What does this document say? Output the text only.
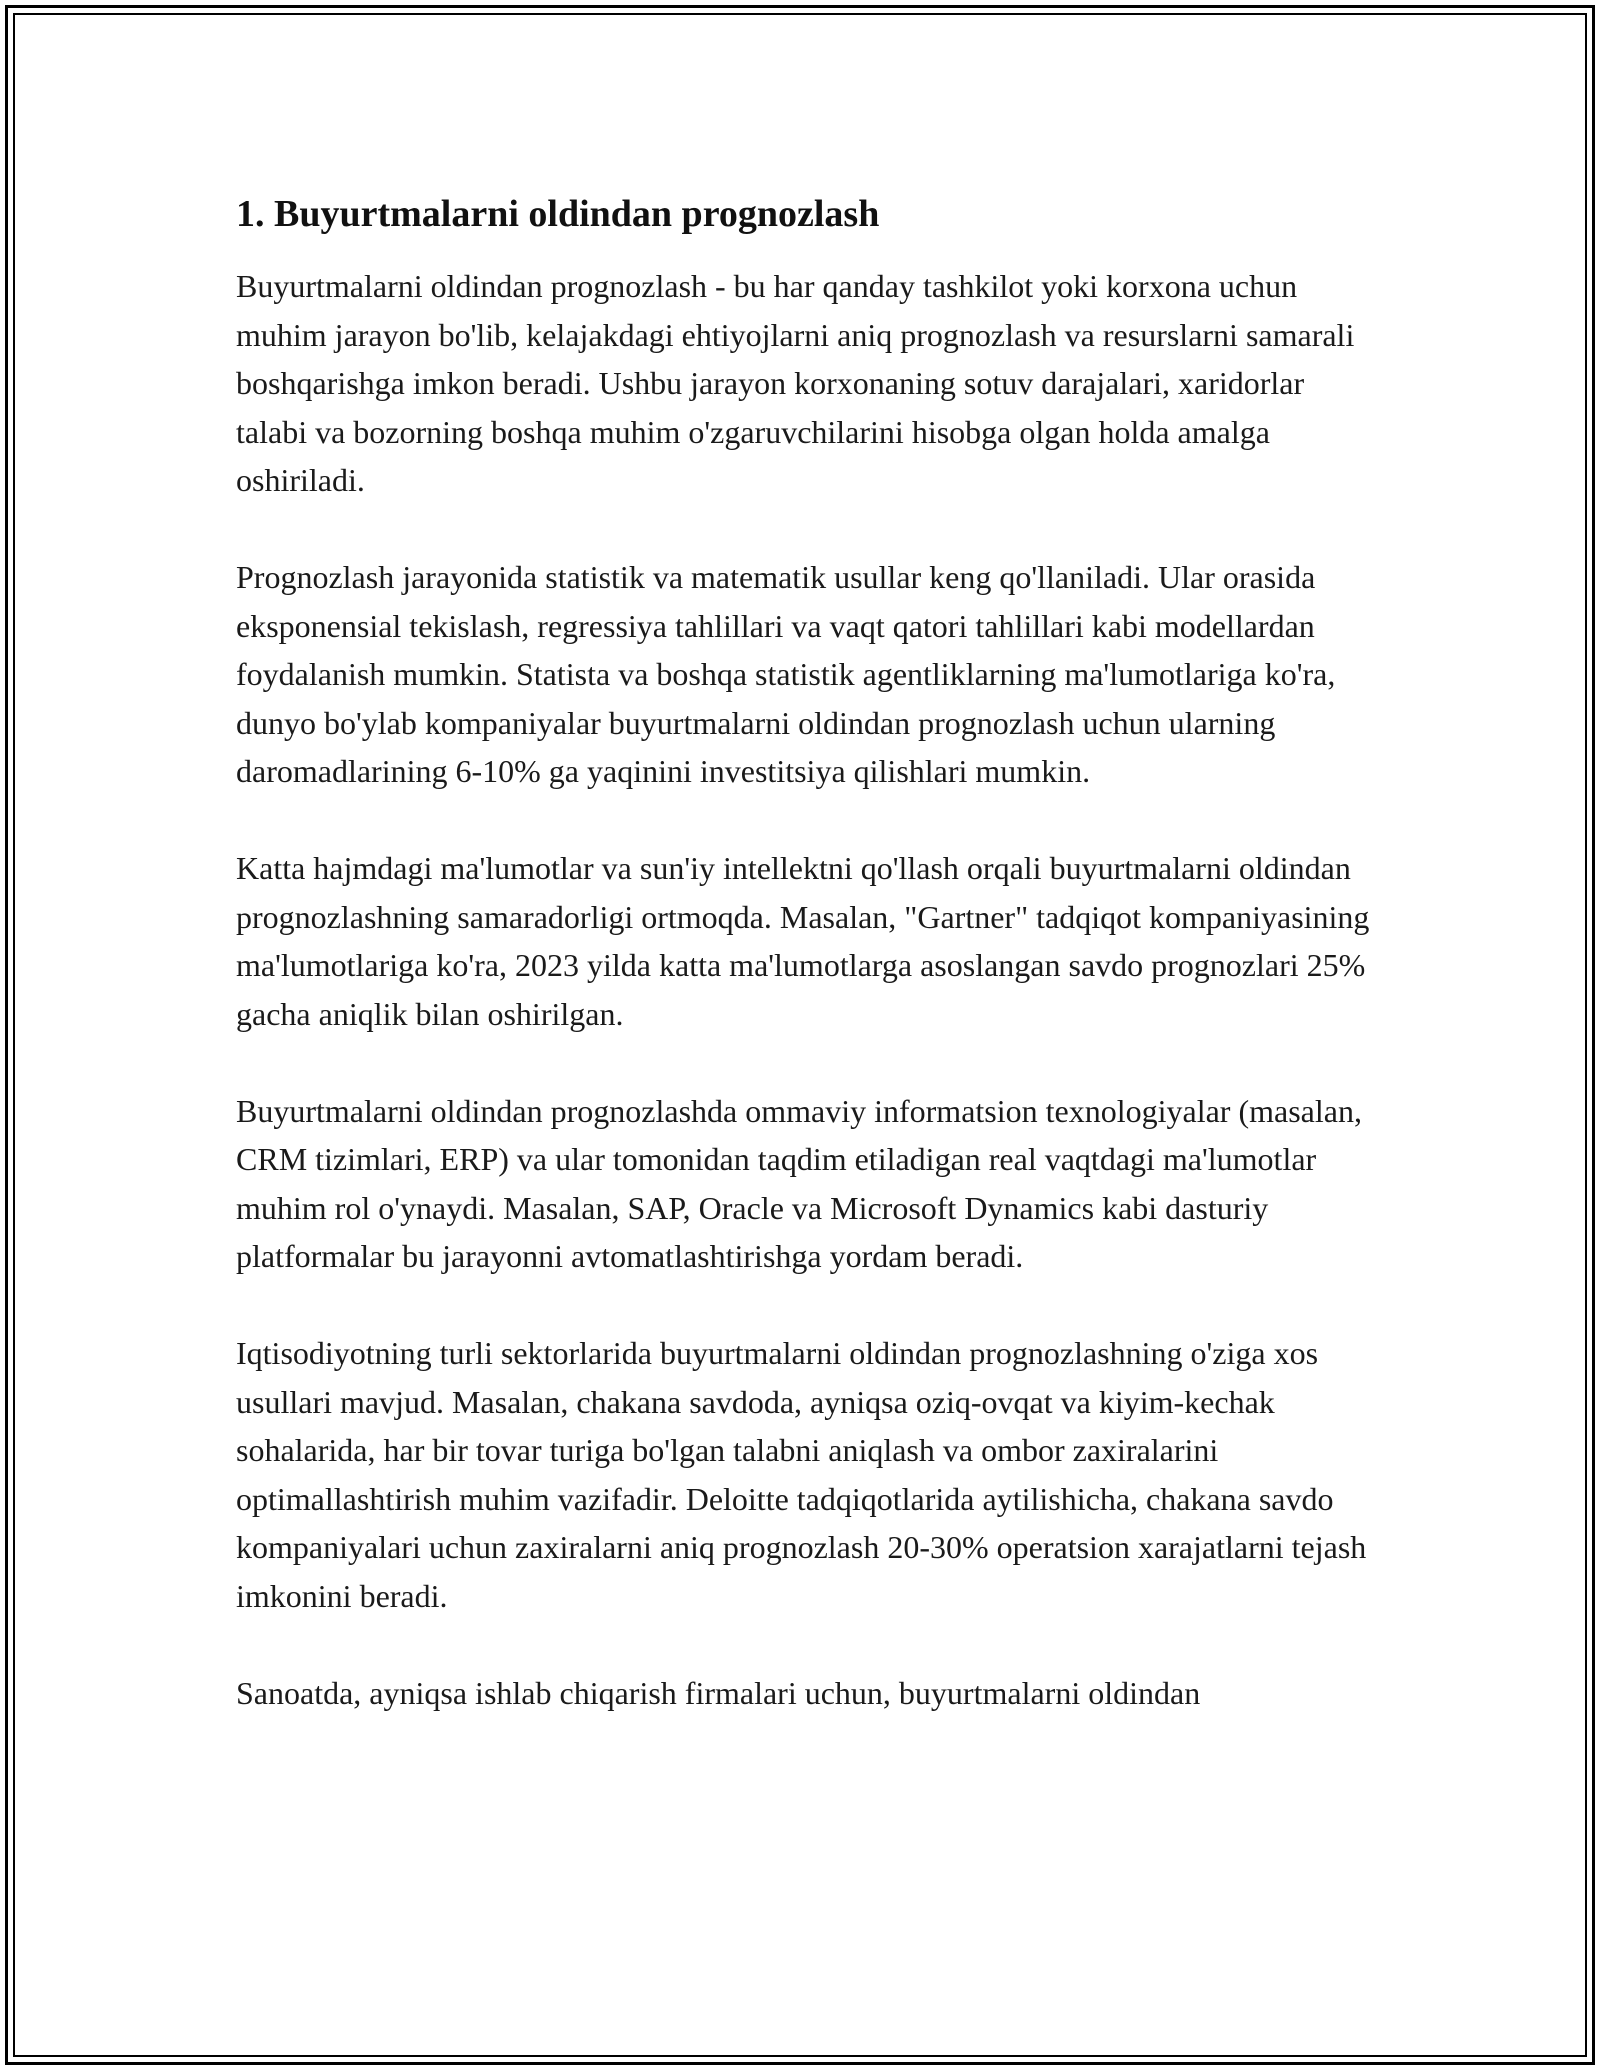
1. Buyurtmalarni oldindan prognozlash

Buyurtmalarni oldindan prognozlash - bu har qanday tashkilot yoki korxona uchun muhim jarayon bo'lib, kelajakdagi ehtiyojlarni aniq prognozlash va resurslarni samarali boshqarishga imkon beradi. Ushbu jarayon korxonaning sotuv darajalari, xaridorlar talabi va bozorning boshqa muhim o'zgaruvchilarini hisobga olgan holda amalga oshiriladi.

Prognozlash jarayonida statistik va matematik usullar keng qo'llaniladi. Ular orasida eksponensial tekislash, regressiya tahlillari va vaqt qatori tahlillari kabi modellardan foydalanish mumkin. Statista va boshqa statistik agentliklarning ma'lumotlariga ko'ra, dunyo bo'ylab kompaniyalar buyurtmalarni oldindan prognozlash uchun ularning daromadlarining 6-10% ga yaqinini investitsiya qilishlari mumkin.

Katta hajmdagi ma'lumotlar va sun'iy intellektni qo'llash orqali buyurtmalarni oldindan prognozlashning samaradorligi ortmoqda. Masalan, "Gartner" tadqiqot kompaniyasining ma'lumotlariga ko'ra, 2023 yilda katta ma'lumotlarga asoslangan savdo prognozlari 25% gacha aniqlik bilan oshirilgan.

Buyurtmalarni oldindan prognozlashda ommaviy informatsion texnologiyalar (masalan, CRM tizimlari, ERP) va ular tomonidan taqdim etiladigan real vaqtdagi ma'lumotlar muhim rol o'ynaydi. Masalan, SAP, Oracle va Microsoft Dynamics kabi dasturiy platformalar bu jarayonni avtomatlashtirishga yordam beradi.

Iqtisodiyotning turli sektorlarida buyurtmalarni oldindan prognozlashning o'ziga xos usullari mavjud. Masalan, chakana savdoda, ayniqsa oziq-ovqat va kiyim-kechak sohalarida, har bir tovar turiga bo'lgan talabni aniqlash va ombor zaxiralarini optimallashtirish muhim vazifadir. Deloitte tadqiqotlarida aytilishicha, chakana savdo kompaniyalari uchun zaxiralarni aniq prognozlash 20-30% operatsion xarajatlarni tejash imkonini beradi.

Sanoatda, ayniqsa ishlab chiqarish firmalari uchun, buyurtmalarni oldindan
